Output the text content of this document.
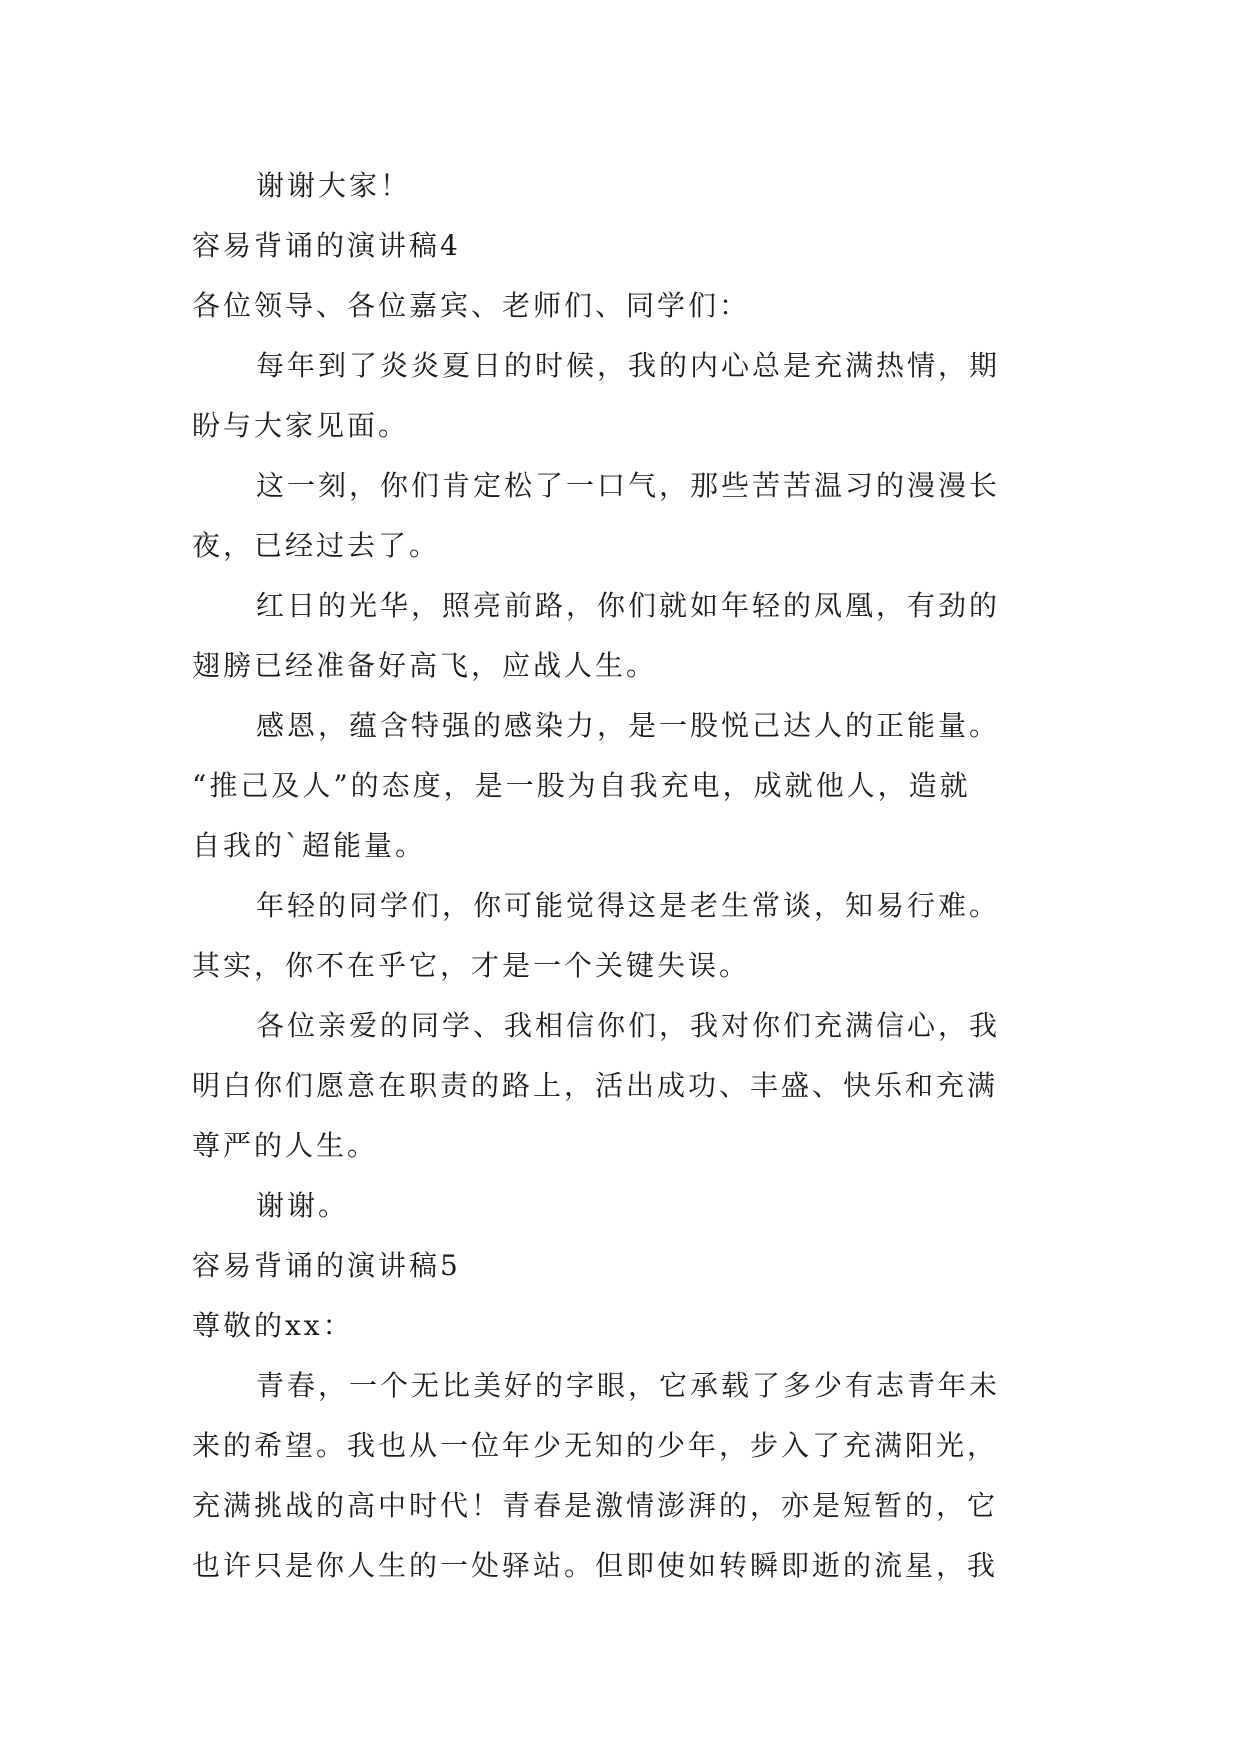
谢谢大家！
容易背诵的演讲稿4
各位领导、各位嘉宾、老师们、同学们：
每年到了炎炎夏日的时候，我的内心总是充满热情，期
盼与大家见面。
这一刻，你们肯定松了一口气，那些苦苦温习的漫漫长
夜，已经过去了。
红日的光华，照亮前路，你们就如年轻的凤凰，有劲的
翅膀已经准备好高飞，应战人生。
感恩，蕴含特强的感染力，是一股悦己达人的正能量。
“推己及人”的态度，是一股为自我充电，成就他人，造就
自我的`超能量。
年轻的同学们，你可能觉得这是老生常谈，知易行难。
其实，你不在乎它，才是一个关键失误。
各位亲爱的同学、我相信你们，我对你们充满信心，我
明白你们愿意在职责的路上，活出成功、丰盛、快乐和充满
尊严的人生。
谢谢。
容易背诵的演讲稿5
尊敬的xx：
青春，一个无比美好的字眼，它承载了多少有志青年未
来的希望。我也从一位年少无知的少年，步入了充满阳光，
充满挑战的高中时代！青春是激情澎湃的，亦是短暂的，它
也许只是你人生的一处驿站。但即使如转瞬即逝的流星，我
